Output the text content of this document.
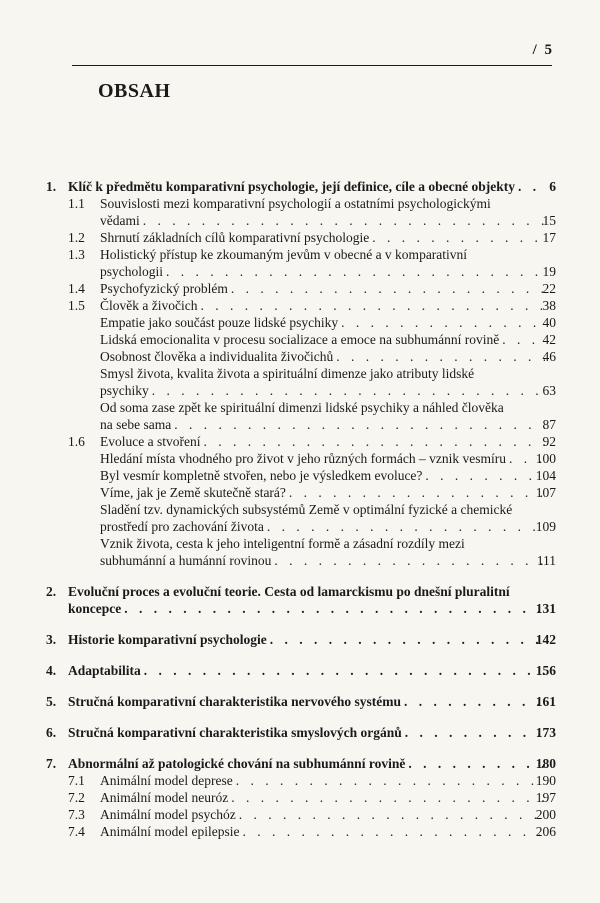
/ 5
OBSAH
1. Klíč k předmětu komparativní psychologie, její definice, cíle a obecné objekty . . .	6
1.1 Souvislosti mezi komparativní psychologií a ostatními psychologickými
vědami . . .	15
1.2 Shrnutí základních cílů komparativní psychologie . . .	17
1.3 Holistický přístup ke zkoumaným jevům v obecné a v komparativní
psychologii . . .	19
1.4 Psychofyzický problém . . .	22
1.5 Člověk a živočich . . .	38
Empatie jako součást pouze lidské psychiky . . .	40
Lidská emocionalita v procesu socializace a emoce na subhumánní rovině . . .	42
Osobnost člověka a individualita živočichů . . .	46
Smysl života, kvalita života a spirituální dimenze jako atributy lidské
psychiky . . .	63
Od soma zase zpět ke spirituální dimenzi lidské psychiky a náhled člověka
na sebe sama . . .	87
1.6 Evoluce a stvoření . . .	92
Hledání místa vhodného pro život v jeho různých formách – vznik vesmíru . . . 100
Byl vesmír kompletně stvořen, nebo je výsledkem evoluce? . . .	104
Víme, jak je Země skutečně stará? . . .	107
Sladění tzv. dynamických subsystémů Země v optimální fyzické a chemické
prostředí pro zachování života . . .	109
Vznik života, cesta k jeho inteligentní formě a zásadní rozdíly mezi
subhumánní a humánní rovinou . . .	111
2. Evoluční proces a evoluční teorie. Cesta od lamarckismu po dnešní pluralitní
koncepce . . .	131
3. Historie komparativní psychologie . . .	142
4. Adaptabilita . . .	156
5. Stručná komparativní charakteristika nervového systému . . .	161
6. Stručná komparativní charakteristika smyslových orgánů . . .	173
7. Abnormální až patologické chování na subhumánní rovině . . .	180
7.1 Animální model deprese . . .	190
7.2 Animální model neuróz . . .	197
7.3 Animální model psychóz . . .	200
7.4 Animální model epilepsie . . .	206
